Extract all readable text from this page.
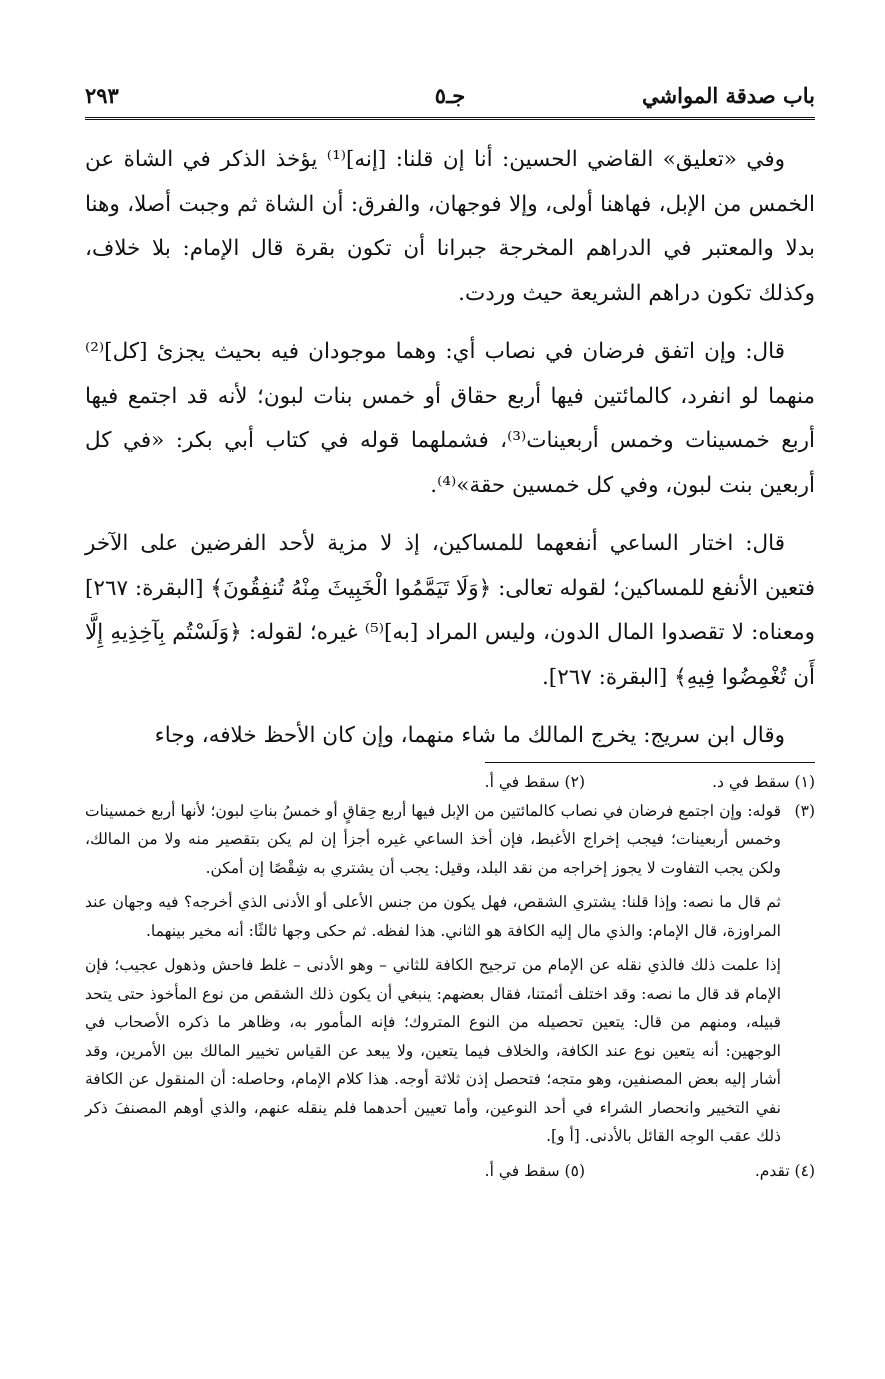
باب صدقة المواشي
جـ٥
٢٩٣

وفي «تعليق» القاضي الحسين: أنا إن قلنا: [إنه]⁽¹⁾ يؤخذ الذكر في الشاة عن الخمس من الإبل، فهاهنا أولى، وإلا فوجهان، والفرق: أن الشاة ثم وجبت أصلا، وهنا بدلا والمعتبر في الدراهم المخرجة جبرانا أن تكون بقرة قال الإمام: بلا خلاف، وكذلك تكون دراهم الشريعة حيث وردت.

قال: وإن اتفق فرضان في نصاب أي: وهما موجودان فيه بحيث يجزئ [كل]⁽²⁾ منهما لو انفرد، كالمائتين فيها أربع حقاق أو خمس بنات لبون؛ لأنه قد اجتمع فيها أربع خمسينات وخمس أربعينات⁽³⁾، فشملهما قوله في كتاب أبي بكر: «في كل أربعين بنت لبون، وفي كل خمسين حقة»⁽⁴⁾.

قال: اختار الساعي أنفعهما للمساكين، إذ لا مزية لأحد الفرضين على الآخر فتعين الأنفع للمساكين؛ لقوله تعالى: ﴿وَلَا تَيَمَّمُوا الْخَبِيثَ مِنْهُ تُنفِقُونَ﴾ [البقرة: ٢٦٧] ومعناه: لا تقصدوا المال الدون، وليس المراد [به]⁽⁵⁾ غيره؛ لقوله: ﴿وَلَسْتُم بِآخِذِيهِ إِلَّا أَن تُغْمِضُوا فِيهِ﴾ [البقرة: ٢٦٧].

وقال ابن سريج: يخرج المالك ما شاء منهما، وإن كان الأحظ خلافه، وجاء

(١) سقط في د.
(٢) سقط في أ.
(٣)

قوله: وإن اجتمع فرضان في نصاب كالمائتين من الإبل فيها أربع حِقاقٍ أو خمسُ بناتِ لبون؛ لأنها أربع خمسينات وخمس أربعينات؛ فيجب إخراج الأغبط، فإن أخذ الساعي غيره أجزأ إن لم يكن بتقصير منه ولا من المالك، ولكن يجب التفاوت لا يجوز إخراجه من نقد البلد، وقيل: يجب أن يشتري به شِقْصًا إن أمكن.

ثم قال ما نصه: وإذا قلنا: يشتري الشقص، فهل يكون من جنس الأعلى أو الأدنى الذي أخرجه؟ فيه وجهان عند المراوزة، قال الإمام: والذي مال إليه الكافة هو الثاني. هذا لفظه. ثم حكى وجها ثالثًا: أنه مخير بينهما.

إذا علمت ذلك فالذي نقله عن الإمام من ترجيح الكافة للثاني – وهو الأدنى – غلط فاحش وذهول عجيب؛ فإن الإمام قد قال ما نصه: وقد اختلف أئمتنا، فقال بعضهم: ينبغي أن يكون ذلك الشقص من نوع المأخوذ حتى يتحد قبيله، ومنهم من قال: يتعين تحصيله من النوع المتروك؛ فإنه المأمور به، وظاهر ما ذكره الأصحاب في الوجهين: أنه يتعين نوع عند الكافة، والخلاف فيما يتعين، ولا يبعد عن القياس تخيير المالك بين الأمرين، وقد أشار إليه بعض المصنفين، وهو متجه؛ فتحصل إذن ثلاثة أوجه. هذا كلام الإمام، وحاصله: أن المنقول عن الكافة نفي التخيير وانحصار الشراء في أحد النوعين، وأما تعيين أحدهما فلم ينقله عنهم، والذي أوهم المصنفَ ذكر ذلك عقب الوجه القائل بالأدنى. [أ و].

(٤) تقدم.
(٥) سقط في أ.
